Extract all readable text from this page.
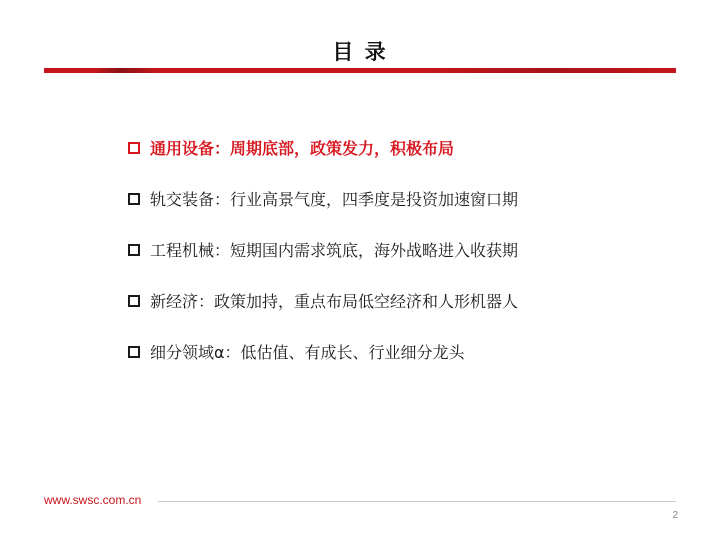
目 录
通用设备：周期底部，政策发力，积极布局
轨交装备：行业高景气度，四季度是投资加速窗口期
工程机械：短期国内需求筑底，海外战略进入收获期
新经济：政策加持，重点布局低空经济和人形机器人
细分领域α：低估值、有成长、行业细分龙头
www.swsc.com.cn
2
